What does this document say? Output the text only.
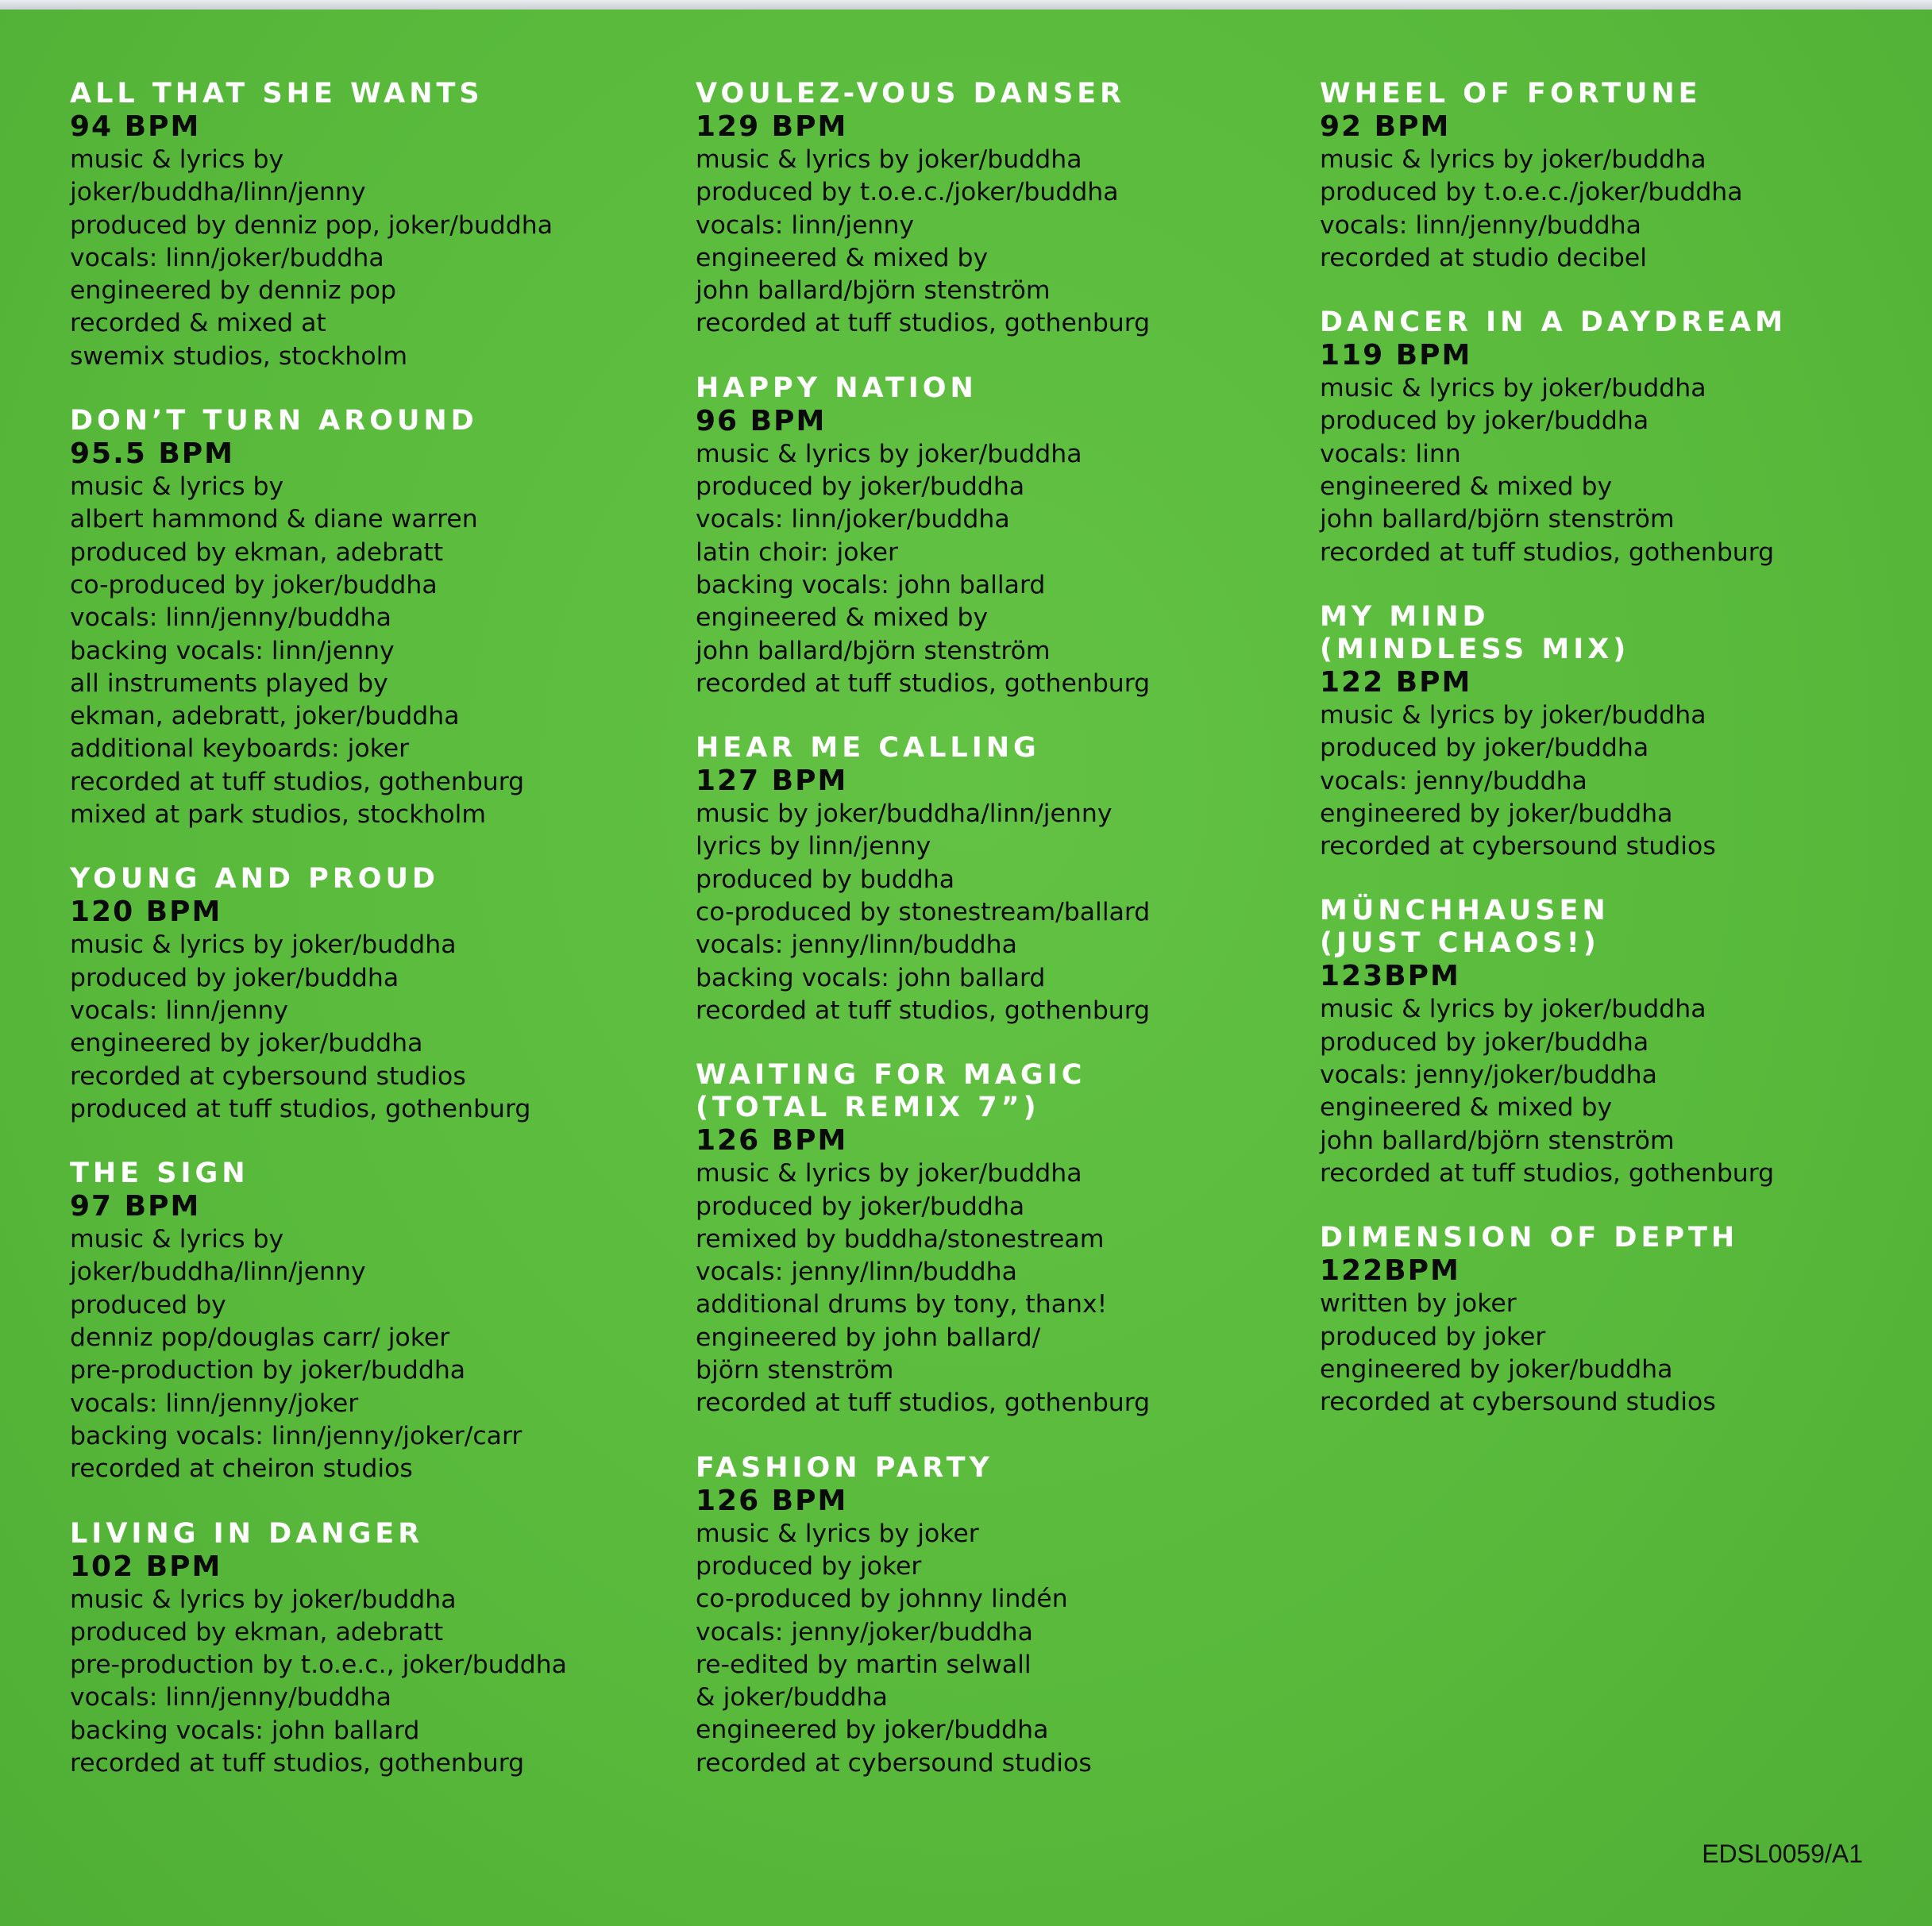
ALL THAT SHE WANTS
94 BPM
music & lyrics by
joker/buddha/linn/jenny
produced by denniz pop, joker/buddha
vocals: linn/joker/buddha
engineered by denniz pop
recorded & mixed at
swemix studios, stockholm
DON’T TURN AROUND
95.5 BPM
music & lyrics by
albert hammond & diane warren
produced by ekman, adebratt
co-produced by joker/buddha
vocals: linn/jenny/buddha
backing vocals: linn/jenny
all instruments played by
ekman, adebratt, joker/buddha
additional keyboards: joker
recorded at tuff studios, gothenburg
mixed at park studios, stockholm
YOUNG AND PROUD
120 BPM
music & lyrics by joker/buddha
produced by joker/buddha
vocals: linn/jenny
engineered by joker/buddha
recorded at cybersound studios
produced at tuff studios, gothenburg
THE SIGN
97 BPM
music & lyrics by
joker/buddha/linn/jenny
produced by
denniz pop/douglas carr/ joker
pre-production by joker/buddha
vocals: linn/jenny/joker
backing vocals: linn/jenny/joker/carr
recorded at cheiron studios
LIVING IN DANGER
102 BPM
music & lyrics by joker/buddha
produced by ekman, adebratt
pre-production by t.o.e.c., joker/buddha
vocals: linn/jenny/buddha
backing vocals: john ballard
recorded at tuff studios, gothenburg
VOULEZ-VOUS DANSER
129 BPM
music & lyrics by joker/buddha
produced by t.o.e.c./joker/buddha
vocals: linn/jenny
engineered & mixed by
john ballard/björn stenström
recorded at tuff studios, gothenburg
HAPPY NATION
96 BPM
music & lyrics by joker/buddha
produced by joker/buddha
vocals: linn/joker/buddha
latin choir: joker
backing vocals: john ballard
engineered & mixed by
john ballard/björn stenström
recorded at tuff studios, gothenburg
HEAR ME CALLING
127 BPM
music by joker/buddha/linn/jenny
lyrics by linn/jenny
produced by buddha
co-produced by stonestream/ballard
vocals: jenny/linn/buddha
backing vocals: john ballard
recorded at tuff studios, gothenburg
WAITING FOR MAGIC
(TOTAL REMIX 7”)
126 BPM
music & lyrics by joker/buddha
produced by joker/buddha
remixed by buddha/stonestream
vocals: jenny/linn/buddha
additional drums by tony, thanx!
engineered by john ballard/
björn stenström
recorded at tuff studios, gothenburg
FASHION PARTY
126 BPM
music & lyrics by joker
produced by joker
co-produced by johnny lindén
vocals: jenny/joker/buddha
re-edited by martin selwall
& joker/buddha
engineered by joker/buddha
recorded at cybersound studios
WHEEL OF FORTUNE
92 BPM
music & lyrics by joker/buddha
produced by t.o.e.c./joker/buddha
vocals: linn/jenny/buddha
recorded at studio decibel
DANCER IN A DAYDREAM
119 BPM
music & lyrics by joker/buddha
produced by joker/buddha
vocals: linn
engineered & mixed by
john ballard/björn stenström
recorded at tuff studios, gothenburg
MY MIND
(MINDLESS MIX)
122 BPM
music & lyrics by joker/buddha
produced by joker/buddha
vocals: jenny/buddha
engineered by joker/buddha
recorded at cybersound studios
MÜNCHHAUSEN
(JUST CHAOS!)
123BPM
music & lyrics by joker/buddha
produced by joker/buddha
vocals: jenny/joker/buddha
engineered & mixed by
john ballard/björn stenström
recorded at tuff studios, gothenburg
DIMENSION OF DEPTH
122BPM
written by joker
produced by joker
engineered by joker/buddha
recorded at cybersound studios
EDSL0059/A1
